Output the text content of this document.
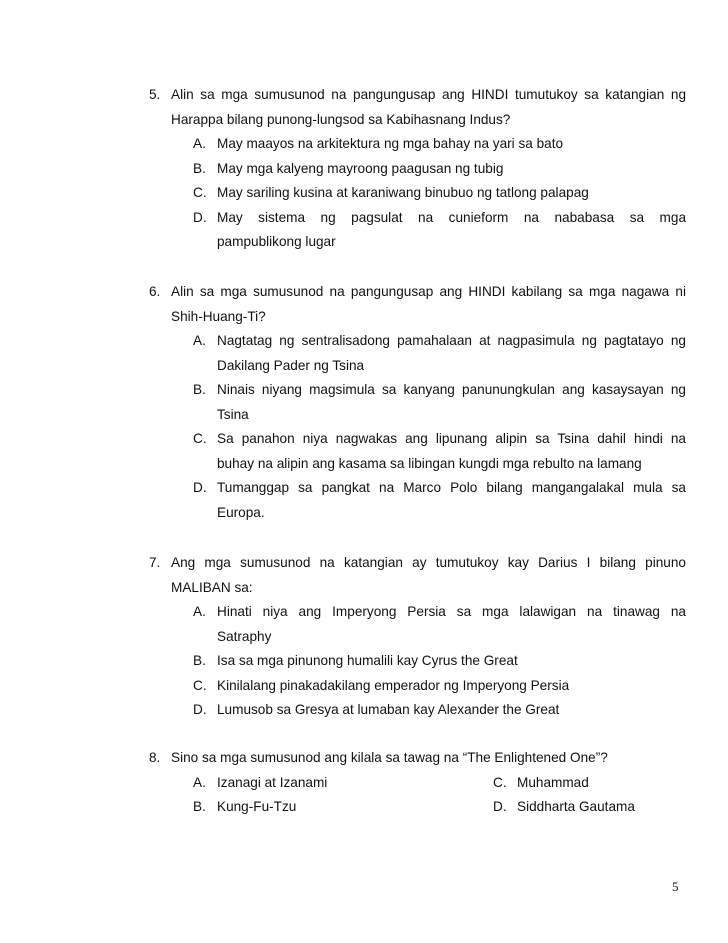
5. Alin sa mga sumusunod na pangungusap ang HINDI tumutukoy sa katangian ng
Harappa bilang punong-lungsod sa Kabihasnang Indus?
A. May maayos na arkitektura ng mga bahay na yari sa bato
B. May mga kalyeng mayroong paagusan ng tubig
C. May sariling kusina at karaniwang binubuo ng tatlong palapag
D. May sistema ng pagsulat na cunieform na nababasa sa mga
pampublikong lugar
6. Alin sa mga sumusunod na pangungusap ang HINDI kabilang sa mga nagawa ni
Shih-Huang-Ti?
A. Nagtatag ng sentralisadong pamahalaan at nagpasimula ng pagtatayo ng
Dakilang Pader ng Tsina
B. Ninais niyang magsimula sa kanyang panunungkulan ang kasaysayan ng
Tsina
C. Sa panahon niya nagwakas ang lipunang alipin sa Tsina dahil hindi na
buhay na alipin ang kasama sa libingan kungdi mga rebulto na lamang
D. Tumanggap sa pangkat na Marco Polo bilang mangangalakal mula sa
Europa.
7. Ang mga sumusunod na katangian ay tumutukoy kay Darius I bilang pinuno
MALIBAN sa:
A. Hinati niya ang Imperyong Persia sa mga lalawigan na tinawag na
Satraphy
B. Isa sa mga pinunong humalili kay Cyrus the Great
C. Kinilalang pinakadakilang emperador ng Imperyong Persia
D. Lumusob sa Gresya at lumaban kay Alexander the Great
8. Sino sa mga sumusunod ang kilala sa tawag na “The Enlightened One”?
A. Izanagi at Izanami	C. Muhammad
B. Kung-Fu-Tzu	D. Siddharta Gautama
5
